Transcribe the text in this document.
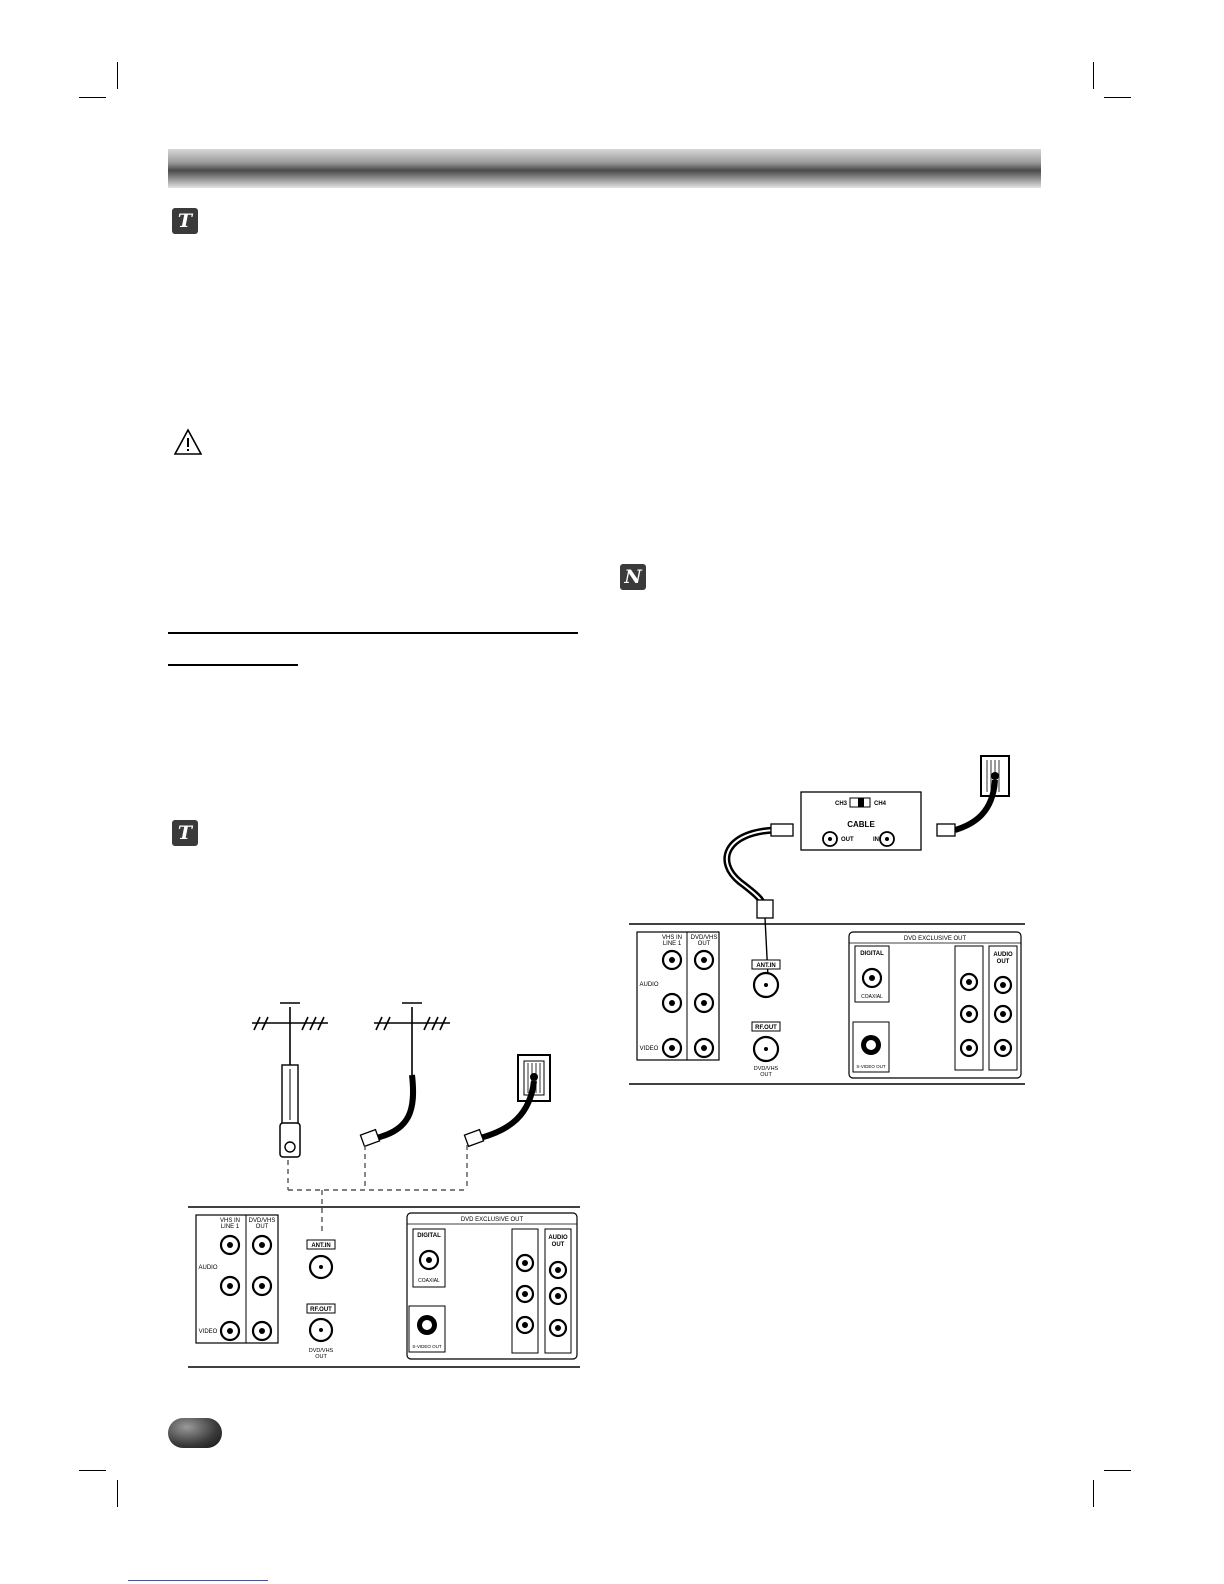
T
T
N
VHS IN LINE 1
DVD/VHS OUT
AUDIO
VIDEO
ANT.IN
RF.OUT
DVD/VHS OUT
DVD EXCLUSIVE OUT
DIGITAL
COAXIAL
S-VIDEO OUT
AUDIO OUT
CH3	CH4
CABLE
OUT	IN
VHS IN LINE 1
DVD/VHS OUT
AUDIO
VIDEO
ANT.IN
RF.OUT
DVD/VHS OUT
DVD EXCLUSIVE OUT
DIGITAL
COAXIAL
S-VIDEO OUT
AUDIO OUT
